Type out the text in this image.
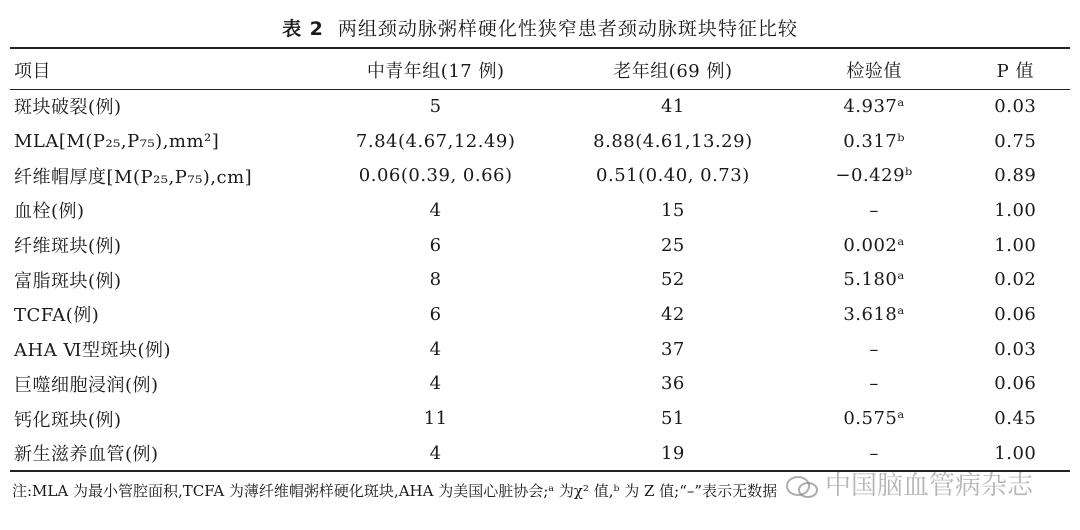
表 2 两组颈动脉粥样硬化性狭窄患者颈动脉斑块特征比较
项目	中青年组(17 例)	老年组(69 例)	检验值	P 值
斑块破裂(例)	5	41	4.937ᵃ	0.03
MLA[M(P₂₅,P₇₅),mm²]	7.84(4.67,12.49)	8.88(4.61,13.29)	0.317ᵇ	0.75
纤维帽厚度[M(P₂₅,P₇₅),cm]	0.06(0.39, 0.66)	0.51(0.40, 0.73)	−0.429ᵇ	0.89
血栓(例)	4	15	–	1.00
纤维斑块(例)	6	25	0.002ᵃ	1.00
富脂斑块(例)	8	52	5.180ᵃ	0.02
TCFA(例)	6	42	3.618ᵃ	0.06
AHA Ⅵ型斑块(例)	4	37	–	0.03
巨噬细胞浸润(例)	4	36	–	0.06
钙化斑块(例)	11	51	0.575ᵃ	0.45
新生滋养血管(例)	4	19	–	1.00
注:MLA 为最小管腔面积,TCFA 为薄纤维帽粥样硬化斑块,AHA 为美国心脏协会;ᵃ 为χ² 值,ᵇ 为 Z 值;“–”表示无数据	中国脑血管病杂志
